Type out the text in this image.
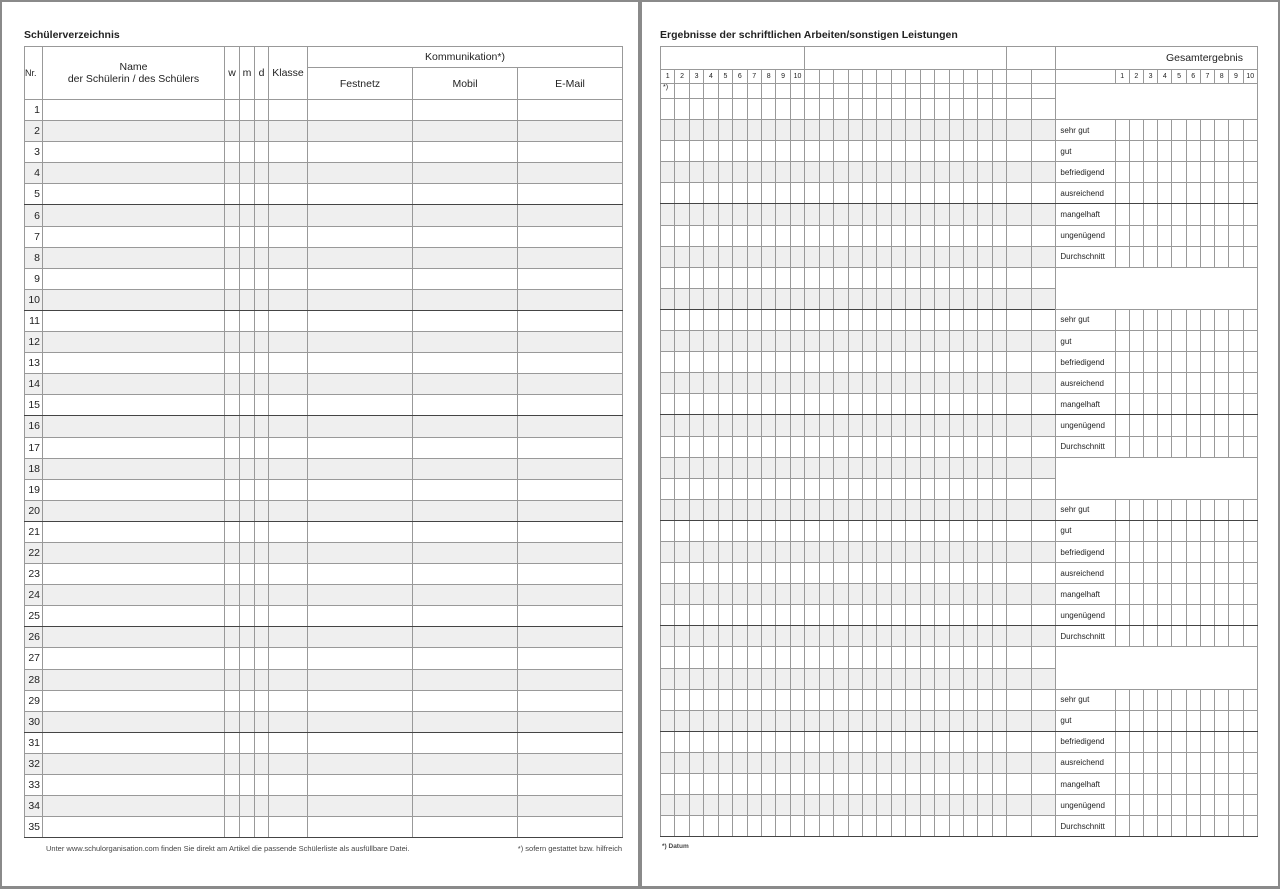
Schülerverzeichnis
Nr.	Name
der Schülerin / des Schülers	w	m	d	Klasse	Kommunikation*)		
						Festnetz	Mobil	E-Mail
1								
2								
3								
4								
5								
6								
7								
8								
9								
10								
11								
12								
13								
14								
15								
16								
17								
18								
19								
20								
21								
22								
23								
24								
25								
26								
27								
28								
29								
30								
31								
32								
33								
34								
35								
Unter www.schulorganisation.com finden Sie direkt am Artikel die passende Schülerliste als ausfüllbare Datei.	*) sofern gestattet bzw. hilfreich
Ergebnisse der schriftlichen Arbeiten/sonstigen Leistungen
																										Gesamtergebnis										
1	2	3	4	5	6	7	8	9	10																		1	2	3	4	5	6	7	8	9	10
*)																																				

																										sehr gut										
																										gut										
																										befriedigend										
																										ausreichend										
																										mangelhaft										
																										ungenügend										
																										Durchschnitt										

																										sehr gut										
																										gut										
																										befriedigend										
																										ausreichend										
																										mangelhaft										
																										ungenügend										
																										Durchschnitt										

																										sehr gut										
																										gut										
																										befriedigend										
																										ausreichend										
																										mangelhaft										
																										ungenügend										
																										Durchschnitt										

																										sehr gut										
																										gut										
																										befriedigend										
																										ausreichend										
																										mangelhaft										
																										ungenügend										
																										Durchschnitt										
*) Datum
